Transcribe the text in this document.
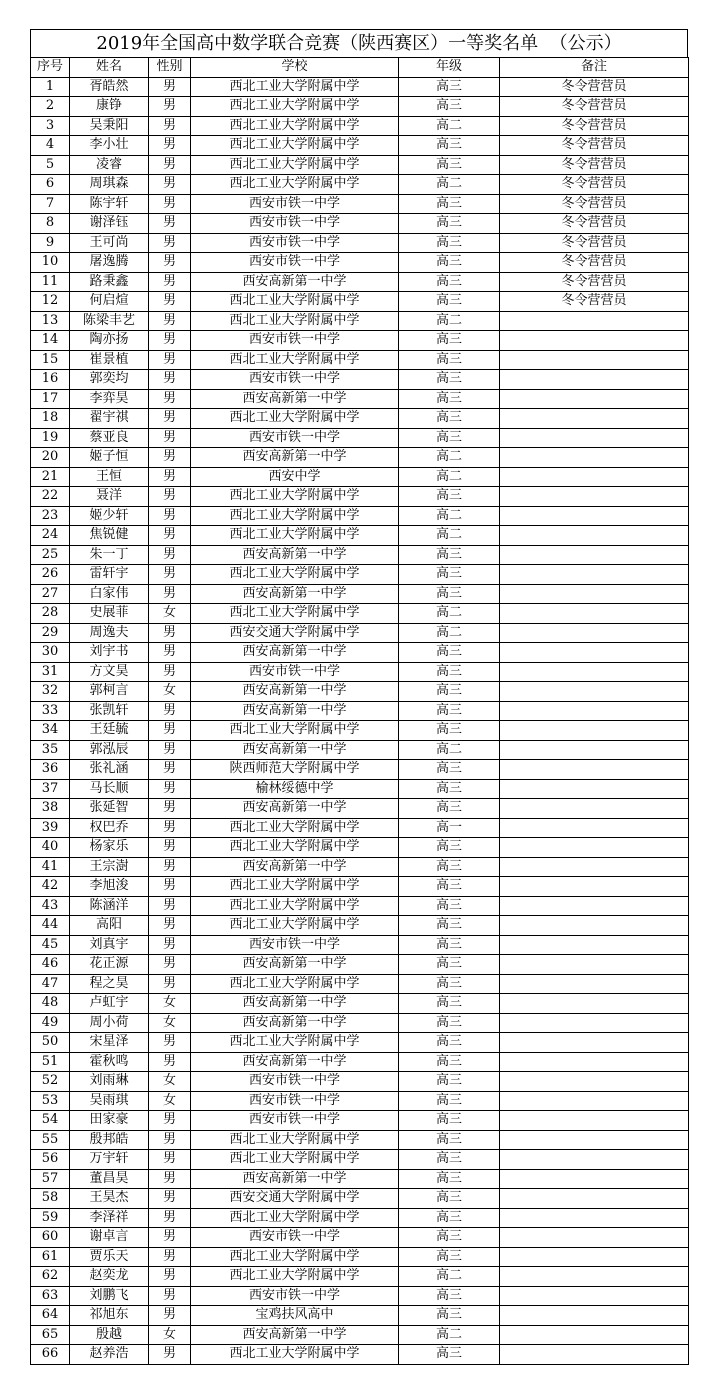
2019年全国高中数学联合竞赛（陕西赛区）一等奖名单  （公示）
序号	姓名	性别	学校	年级	备注
1	胥皓然	男	西北工业大学附属中学	高三	冬令营营员
2	康铮	男	西北工业大学附属中学	高三	冬令营营员
3	吴秉阳	男	西北工业大学附属中学	高二	冬令营营员
4	李小壮	男	西北工业大学附属中学	高三	冬令营营员
5	凌睿	男	西北工业大学附属中学	高三	冬令营营员
6	周琪森	男	西北工业大学附属中学	高二	冬令营营员
7	陈宇轩	男	西安市铁一中学	高三	冬令营营员
8	谢泽钰	男	西安市铁一中学	高三	冬令营营员
9	王可尚	男	西安市铁一中学	高三	冬令营营员
10	屠逸腾	男	西安市铁一中学	高三	冬令营营员
11	路秉鑫	男	西安高新第一中学	高三	冬令营营员
12	何启煊	男	西北工业大学附属中学	高三	冬令营营员
13	陈梁丰艺	男	西北工业大学附属中学	高二	
14	陶亦扬	男	西安市铁一中学	高三	
15	崔景植	男	西北工业大学附属中学	高三	
16	郭奕均	男	西安市铁一中学	高三	
17	李弈昊	男	西安高新第一中学	高三	
18	翟宇祺	男	西北工业大学附属中学	高三	
19	蔡亚良	男	西安市铁一中学	高三	
20	姬子恒	男	西安高新第一中学	高二	
21	王恒	男	西安中学	高二	
22	聂洋	男	西北工业大学附属中学	高三	
23	姬少轩	男	西北工业大学附属中学	高二	
24	焦锐健	男	西北工业大学附属中学	高二	
25	朱一丁	男	西安高新第一中学	高三	
26	雷轩宇	男	西北工业大学附属中学	高三	
27	白家伟	男	西安高新第一中学	高三	
28	史展菲	女	西北工业大学附属中学	高二	
29	周逸夫	男	西安交通大学附属中学	高二	
30	刘宇书	男	西安高新第一中学	高三	
31	方文昊	男	西安市铁一中学	高三	
32	郭柯言	女	西安高新第一中学	高三	
33	张凯轩	男	西安高新第一中学	高三	
34	王廷毓	男	西北工业大学附属中学	高三	
35	郭泓辰	男	西安高新第一中学	高二	
36	张礼涵	男	陕西师范大学附属中学	高三	
37	马长顺	男	榆林绥德中学	高三	
38	张延智	男	西安高新第一中学	高三	
39	权巴乔	男	西北工业大学附属中学	高一	
40	杨家乐	男	西北工业大学附属中学	高三	
41	王宗澍	男	西安高新第一中学	高三	
42	李旭浚	男	西北工业大学附属中学	高三	
43	陈涵洋	男	西北工业大学附属中学	高三	
44	高阳	男	西北工业大学附属中学	高三	
45	刘真宇	男	西安市铁一中学	高三	
46	花正源	男	西安高新第一中学	高三	
47	程之昊	男	西北工业大学附属中学	高三	
48	卢虹宇	女	西安高新第一中学	高三	
49	周小荷	女	西安高新第一中学	高三	
50	宋星泽	男	西北工业大学附属中学	高三	
51	霍秋鸣	男	西安高新第一中学	高三	
52	刘雨琳	女	西安市铁一中学	高三	
53	吴雨琪	女	西安市铁一中学	高三	
54	田家豪	男	西安市铁一中学	高三	
55	殷邦皓	男	西北工业大学附属中学	高三	
56	万宇轩	男	西北工业大学附属中学	高三	
57	董昌昊	男	西安高新第一中学	高三	
58	王昊杰	男	西安交通大学附属中学	高三	
59	李泽祥	男	西北工业大学附属中学	高三	
60	谢卓言	男	西安市铁一中学	高三	
61	贾乐天	男	西北工业大学附属中学	高三	
62	赵奕龙	男	西北工业大学附属中学	高二	
63	刘鹏飞	男	西安市铁一中学	高三	
64	祁旭东	男	宝鸡扶风高中	高三	
65	殷越	女	西安高新第一中学	高二	
66	赵养浩	男	西北工业大学附属中学	高三	
